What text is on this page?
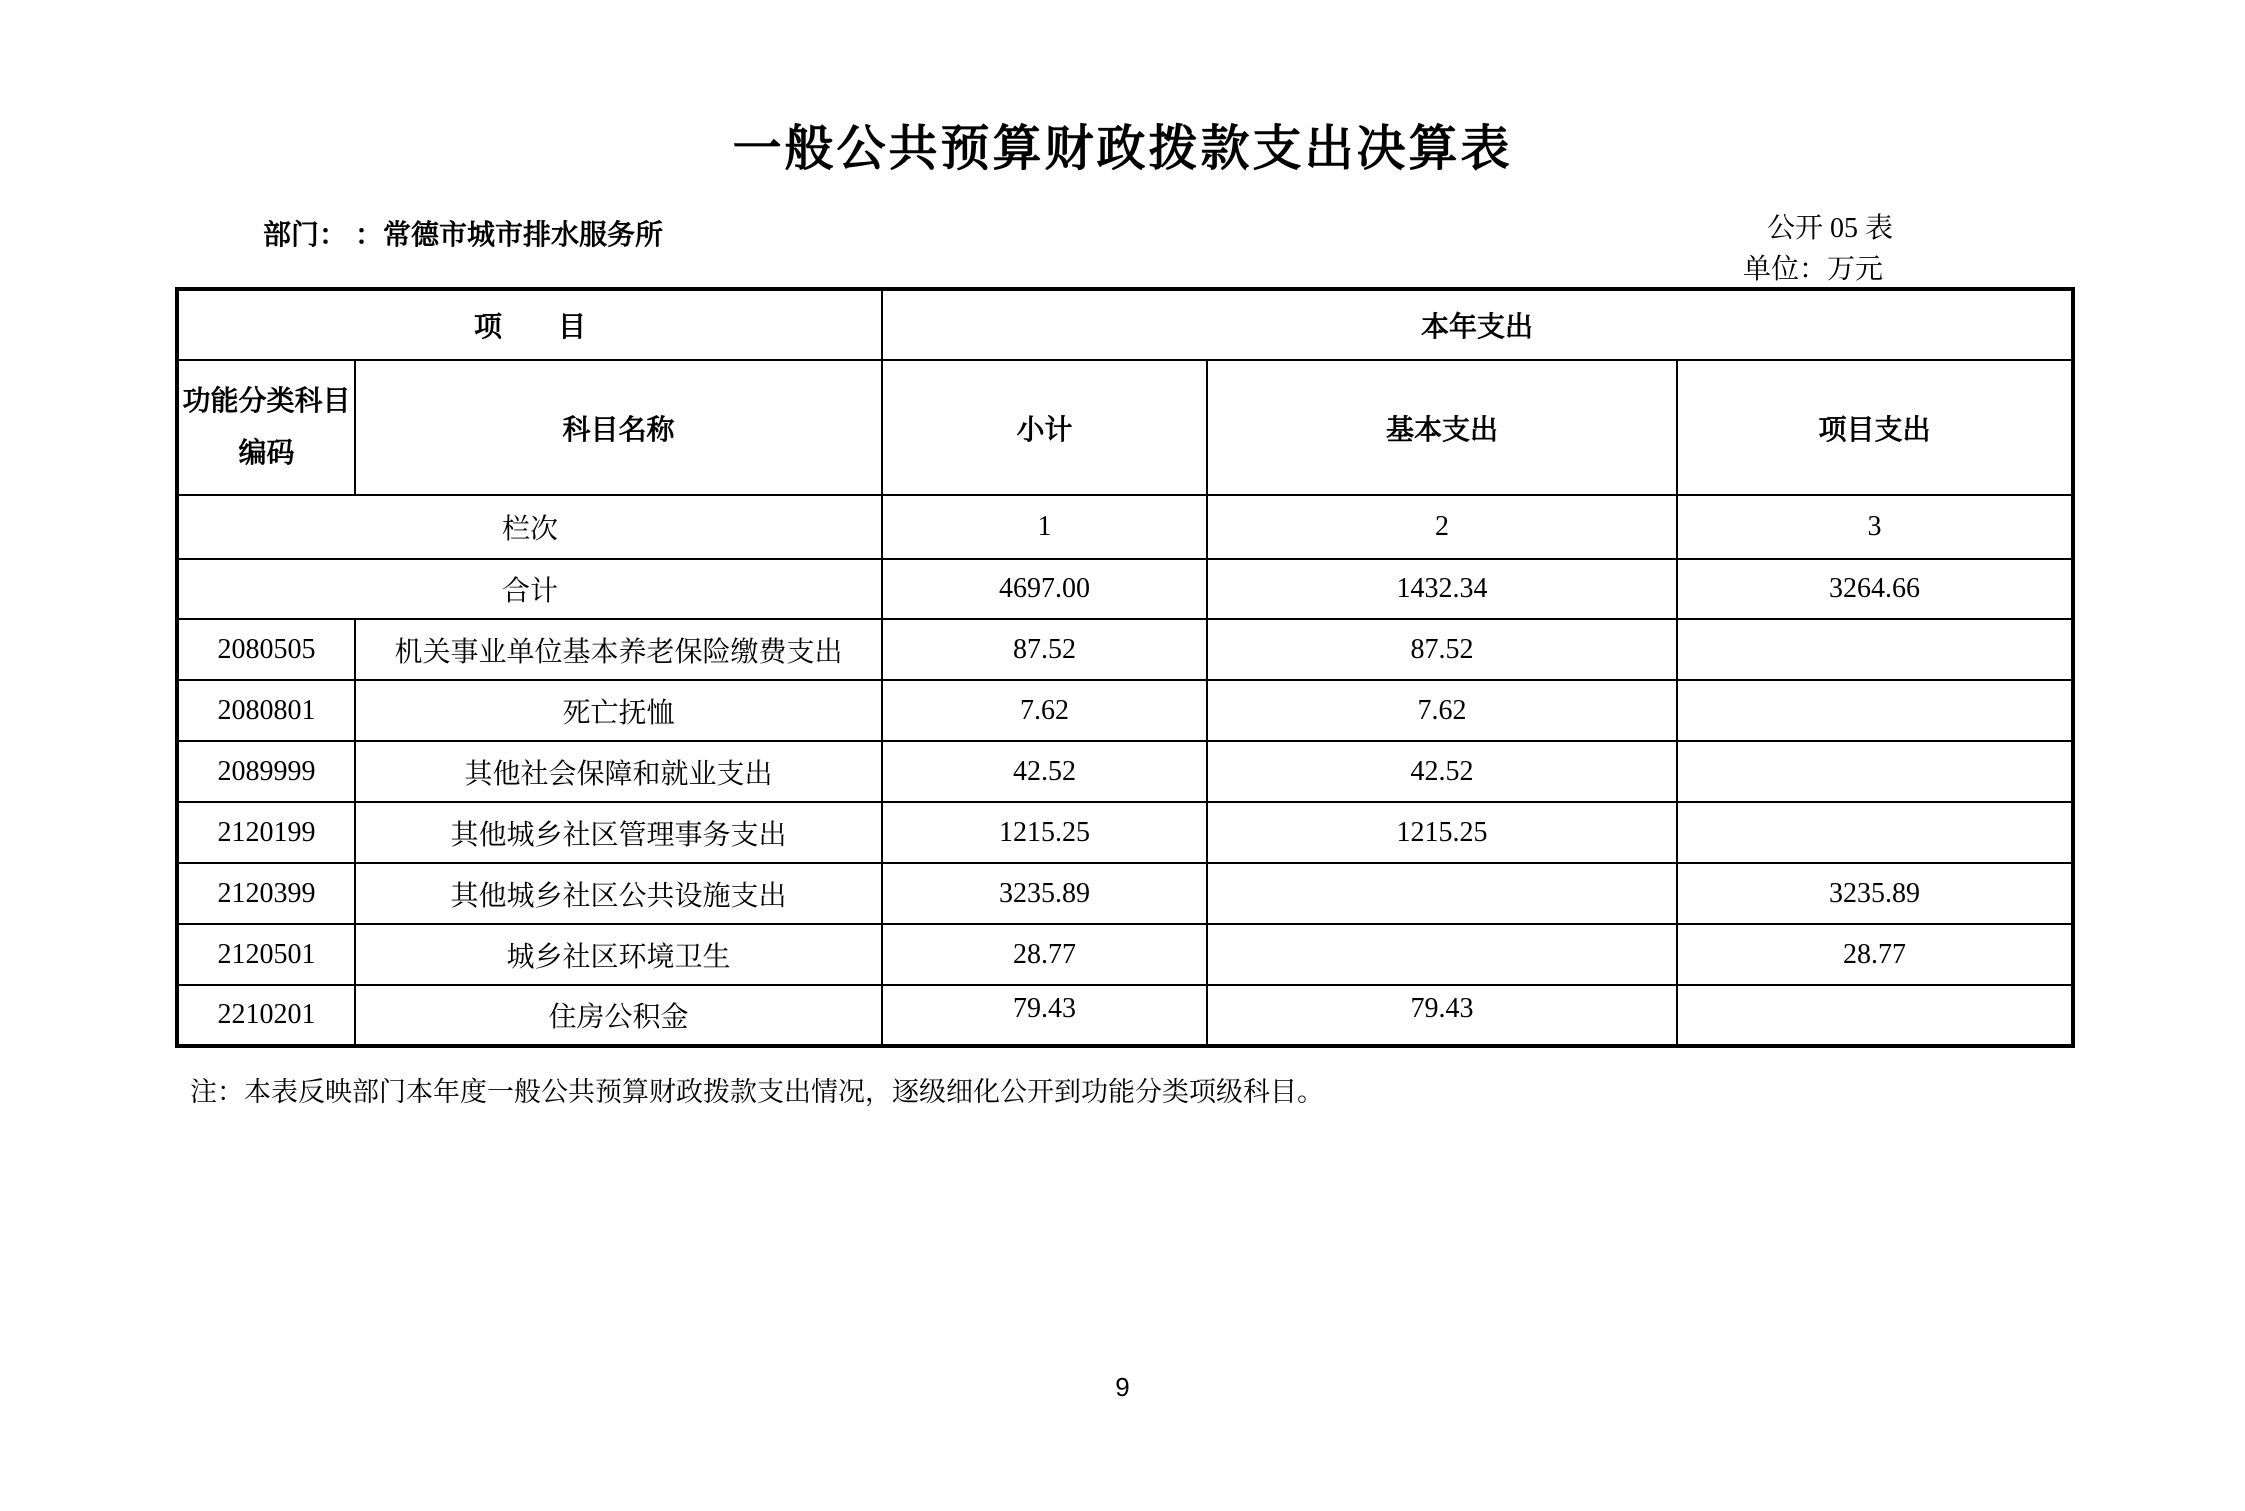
一般公共预算财政拨款支出决算表
部门： ：常德市城市排水服务所	公开 05 表
单位：万元
项　　目		本年支出		
功能分类科目编码	科目名称	小计	基本支出	项目支出
栏次		1	2	3
合计		4697.00	1432.34	3264.66
2080505	机关事业单位基本养老保险缴费支出	87.52	87.52	
2080801	死亡抚恤	7.62	7.62	
2089999	其他社会保障和就业支出	42.52	42.52	
2120199	其他城乡社区管理事务支出	1215.25	1215.25	
2120399	其他城乡社区公共设施支出	3235.89		3235.89
2120501	城乡社区环境卫生	28.77		28.77
2210201	住房公积金	79.43	79.43	
注：本表反映部门本年度一般公共预算财政拨款支出情况，逐级细化公开到功能分类项级科目。
9
